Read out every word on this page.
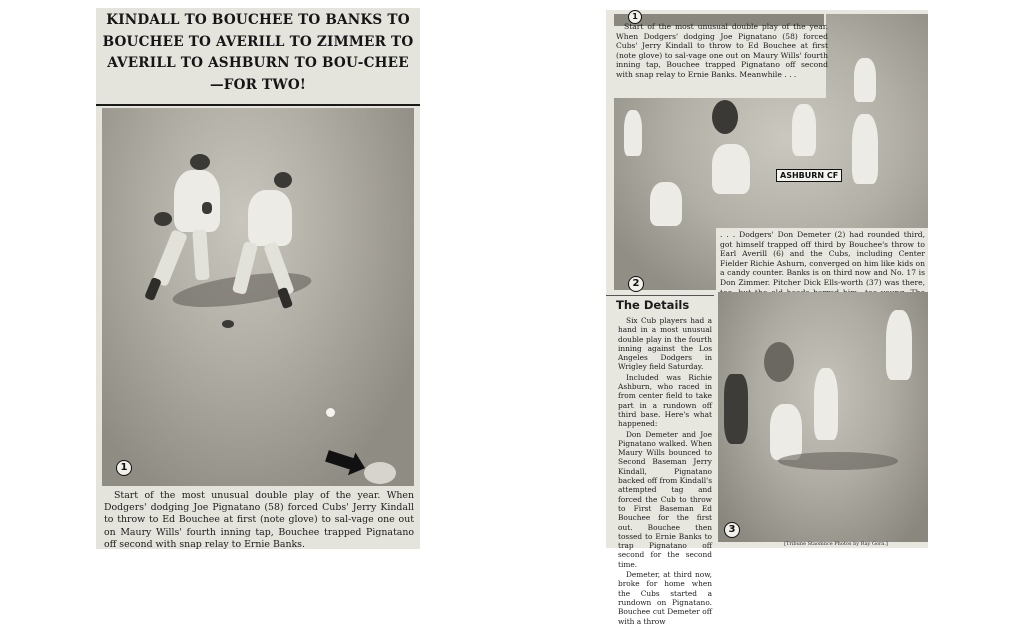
KINDALL TO BOUCHEE TO BANKS TO BOUCHEE TO AVERILL TO ZIMMER TO AVERILL TO ASHBURN TO BOU-CHEE—FOR TWO!
1
Start of the most unusual double play of the year. When Dodgers' dodging Joe Pignatano (58) forced Cubs' Jerry Kindall to throw to Ed Bouchee at first (note glove) to sal-vage one out on Maury Wills' fourth inning tap, Bouchee trapped Pignatano off second with snap relay to Ernie Banks.
1
ASHBURN CF
2
Start of the most unusual double play of the year. When Dodgers' dodging Joe Pignatano (58) forced Cubs' Jerry Kindall to throw to Ed Bouchee at first (note glove) to sal-vage one out on Maury Wills' fourth inning tap, Bouchee trapped Pignatano off second with snap relay to Ernie Banks. Meanwhile . . .
. . . Dodgers' Don Demeter (2) had rounded third, got himself trapped off third by Bouchee's throw to Earl Averill (6) and the Cubs, including Center Fielder Richie Ashurn, converged on him like kids on a candy counter. Banks is on third now and No. 17 is Don Zimmer. Pitcher Dick Ells-worth (37) was there,
The Details

Six Cub players had a hand in a most unusual double play in the fourth inning against the Los Angeles Dodgers in Wrigley field Saturday.

Included was Richie Ashburn, who raced in from center field to take part in a rundown off third base. Here's what happened:

Don Demeter and Joe Pignatano walked. When Maury Wills bounced to Second Baseman Jerry Kindall, Pignatano backed off from Kindall's attempted tag and forced the Cub to throw to First Baseman Ed Bouchee for the first out. Bouchee then tossed to Ernie Banks to trap Pignatano off second for the second time.

Demeter, at third now, broke for home when the Cubs started a rundown on Pignatano. Bouchee cut Demeter off with a throw

3
[Tribune Staomnce Photos by Ray Gora.]
